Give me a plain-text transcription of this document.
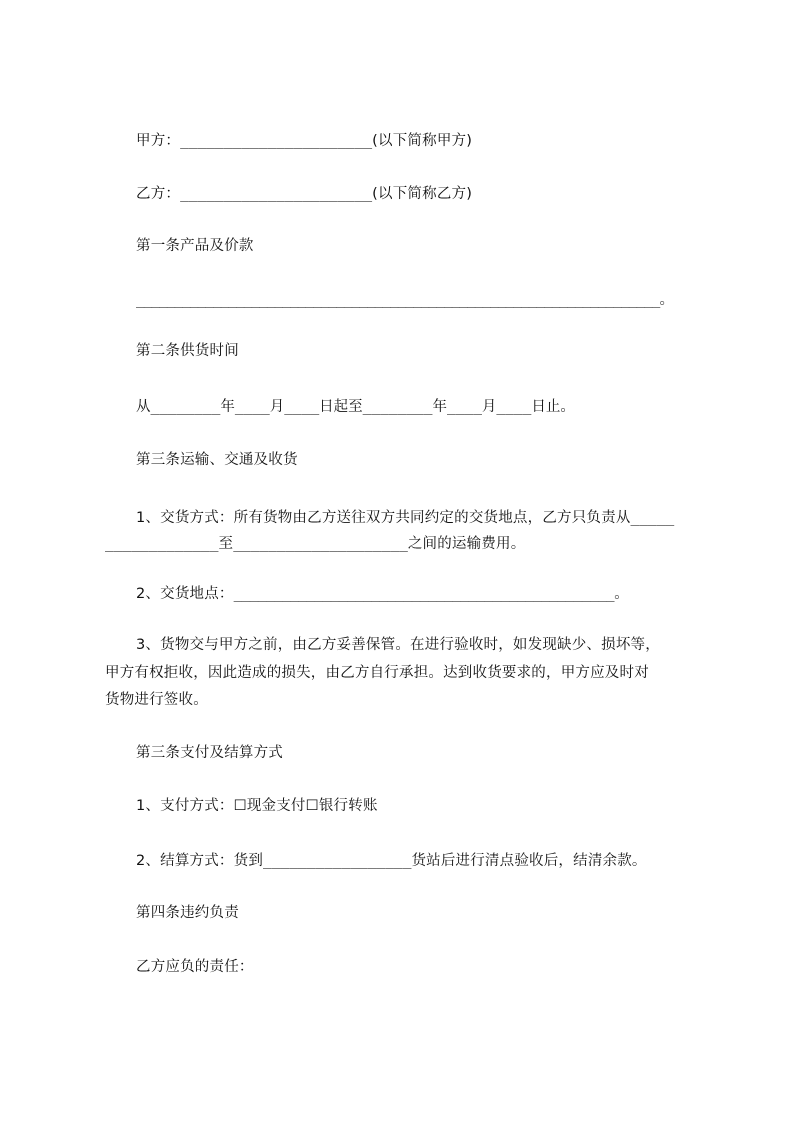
甲方：______________________(以下简称甲方)
乙方：______________________(以下简称乙方)
第一条产品及价款
____________________________________________________________________。
第二条供货时间
从________年____月____日起至________年____月____日止。
第三条运输、交通及收货
1、交货方式：所有货物由乙方送往双方共同约定的交货地点，乙方只负责从_____
_____________至____________________之间的运输费用。
2、交货地点：_______________________________________________。
3、货物交与甲方之前，由乙方妥善保管。在进行验收时，如发现缺少、损坏等，
甲方有权拒收，因此造成的损失，由乙方自行承担。达到收货要求的，甲方应及时对
货物进行签收。
第三条支付及结算方式
1、支付方式：☐现金支付☐银行转账
2、结算方式：货到_________________货站后进行清点验收后，结清余款。
第四条违约负责
乙方应负的责任：
